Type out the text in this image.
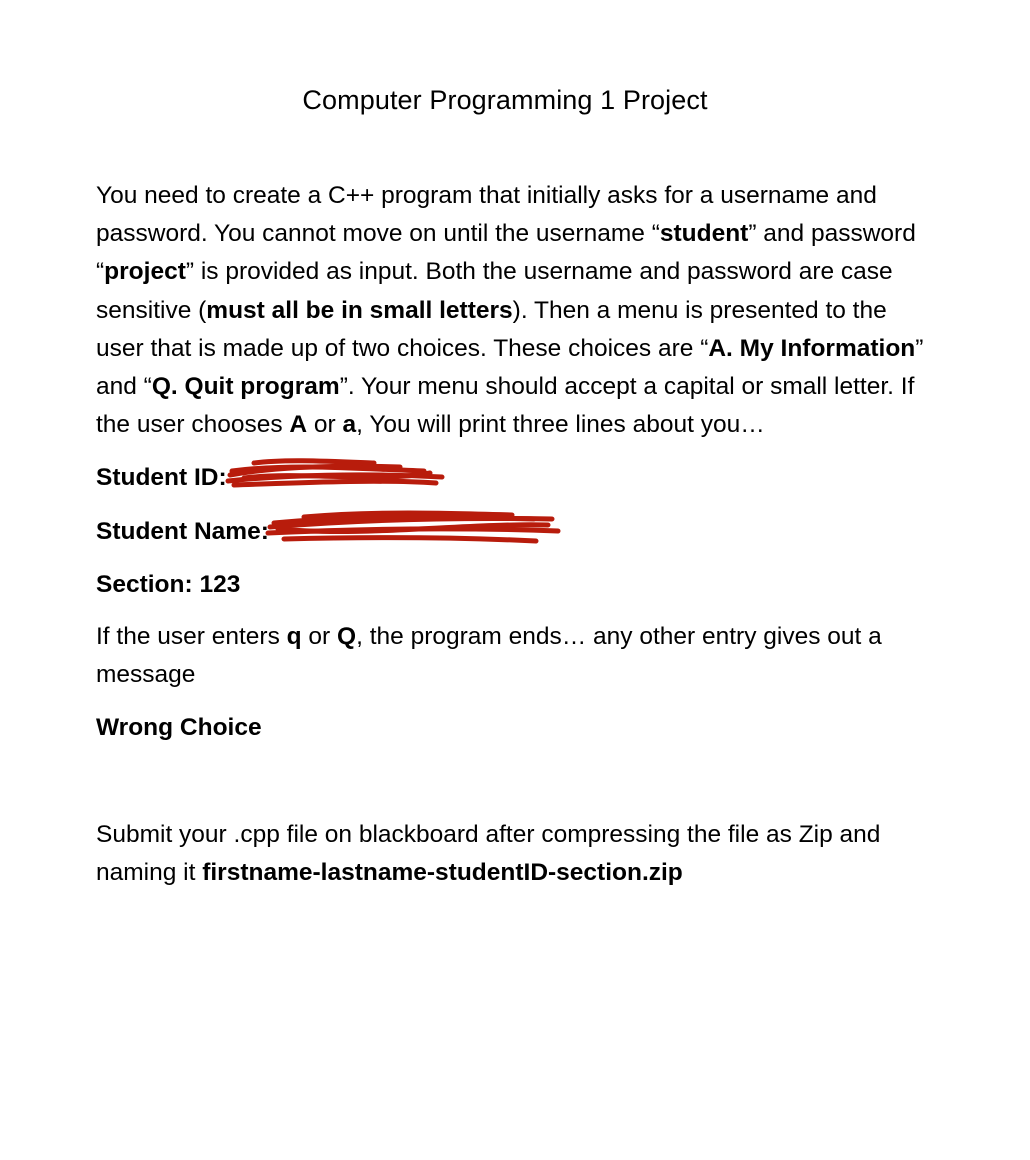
Computer Programming 1 Project

You need to create a C++ program that initially asks for a username and password. You cannot move on until the username “student” and password “project” is provided as input. Both the username and password are case sensitive (must all be in small letters). Then a menu is presented to the user that is made up of two choices. These choices are “A. My Information” and “Q. Quit program”. Your menu should accept a capital or small letter. If the user chooses A or a, You will print three lines about you…

Student ID:

Student Name:

Section: 123

If the user enters q or Q, the program ends… any other entry gives out a message

Wrong Choice

Submit your .cpp file on blackboard after compressing the file as Zip and naming it firstname-lastname-studentID-section.zip
